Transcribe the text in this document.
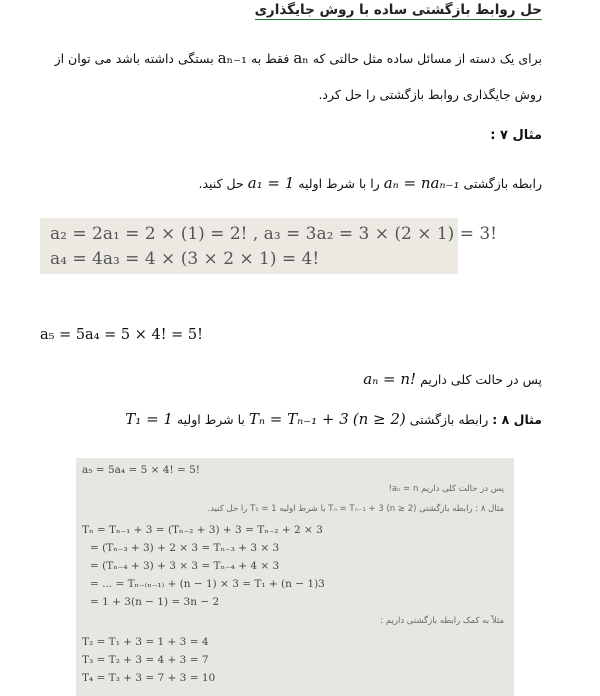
حل روابط بازگشتی ساده با روش جایگذاری
برای یک دسته از مسائل ساده مثل حالتی که aₙ فقط به aₙ₋₁ بستگی داشته باشد می توان از روش جایگذاری روابط بازگشتی را حل کرد.
مثال ۷ :
رابطه بازگشتی aₙ = naₙ₋₁ را با شرط اولیه a₁ = 1 حل کنید.
a₂ = 2a₁ = 2 × (1) = 2! , a₃ = 3a₂ = 3 × (2 × 1) = 3!
a₄ = 4a₃ = 4 × (3 × 2 × 1) = 4!
a₅ = 5a₄ = 5 × 4! = 5!
پس در حالت کلی داریم aₙ = n!
مثال ۸ : رابطه بازگشتی Tₙ = Tₙ₋₁ + 3 (n ≥ 2) با شرط اولیه T₁ = 1
a₅ = 5a₄ = 5 × 4! = 5!
پس در حالت کلی داریم aₙ = n!
مثال ۸ : رابطه بازگشتی Tₙ = Tₙ₋₁ + 3 (n ≥ 2) با شرط اولیه T₁ = 1 را حل کنید.
Tₙ = Tₙ₋₁ + 3 = (Tₙ₋₂ + 3) + 3 = Tₙ₋₂ + 2 × 3
= (Tₙ₋₃ + 3) + 2 × 3 = Tₙ₋₃ + 3 × 3
= (Tₙ₋₄ + 3) + 3 × 3 = Tₙ₋₄ + 4 × 3
= ... = Tₙ₋₍ₙ₋₁₎ + (n − 1) × 3 = T₁ + (n − 1)3
= 1 + 3(n − 1) = 3n − 2
مثلاً به کمک رابطه بازگشتی داریم :
T₂ = T₁ + 3 = 1 + 3 = 4
T₃ = T₂ + 3 = 4 + 3 = 7
T₄ = T₃ + 3 = 7 + 3 = 10
